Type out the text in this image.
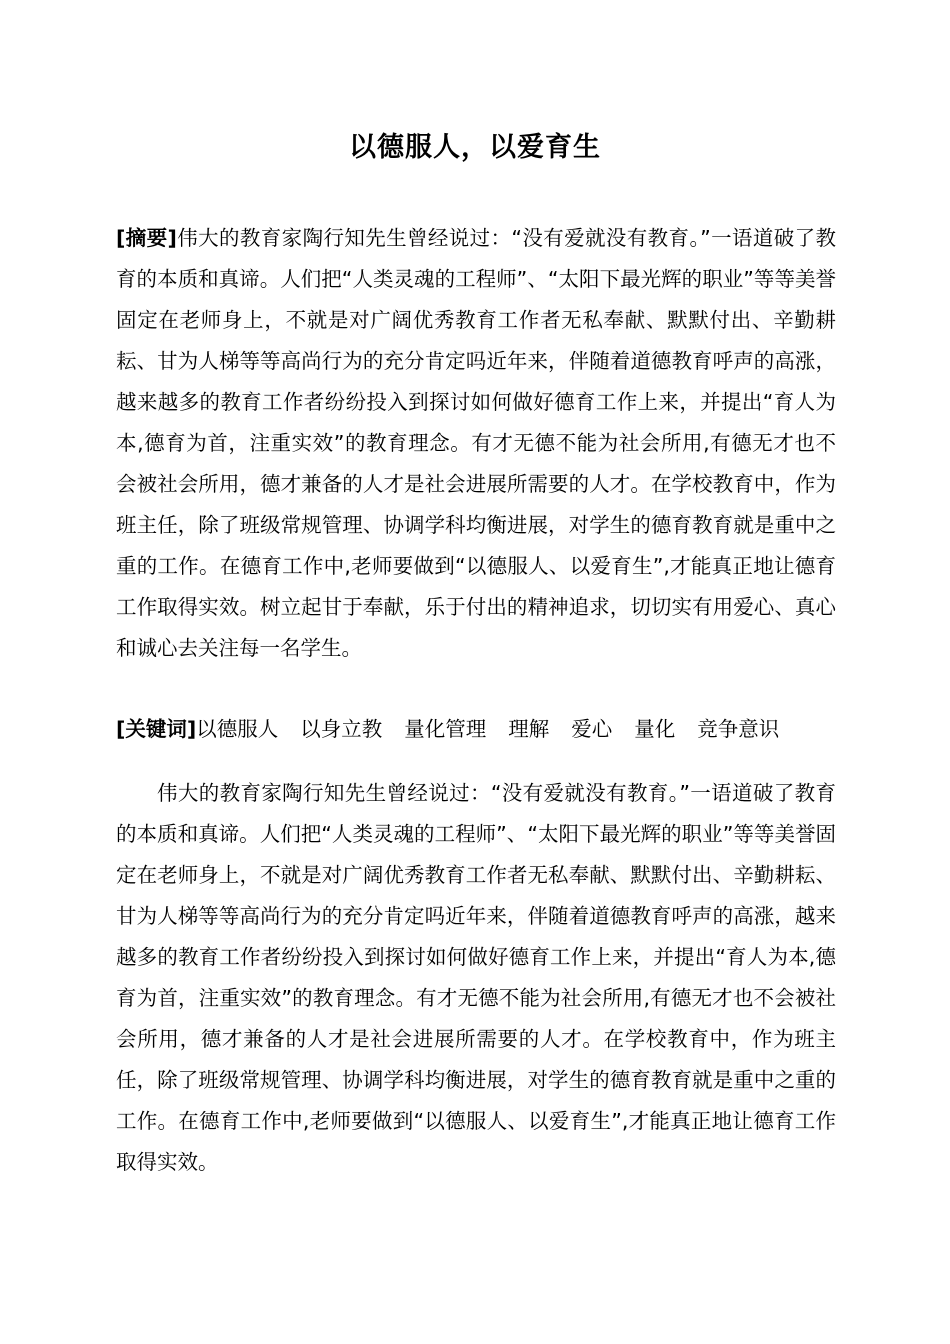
以德服人，以爱育生
[摘要]伟大的教育家陶行知先生曾经说过：“没有爱就没有教育。”一语道破了教育的本质和真谛。人们把“人类灵魂的工程师”、“太阳下最光辉的职业”等等美誉固定在老师身上，不就是对广阔优秀教育工作者无私奉献、默默付出、辛勤耕耘、甘为人梯等等高尚行为的充分肯定吗近年来，伴随着道德教育呼声的高涨，越来越多的教育工作者纷纷投入到探讨如何做好德育工作上来，并提出“育人为本,德育为首，注重实效”的教育理念。有才无德不能为社会所用,有德无才也不会被社会所用，德才兼备的人才是社会进展所需要的人才。在学校教育中，作为班主任，除了班级常规管理、协调学科均衡进展，对学生的德育教育就是重中之重的工作。在德育工作中,老师要做到“以德服人、以爱育生”,才能真正地让德育工作取得实效。树立起甘于奉献，乐于付出的精神追求，切切实有用爱心、真心和诚心去关注每一名学生。
[关键词]以德服人 以身立教 量化管理 理解 爱心 量化 竞争意识

伟大的教育家陶行知先生曾经说过：“没有爱就没有教育。”一语道破了教育的本质和真谛。人们把“人类灵魂的工程师”、“太阳下最光辉的职业”等等美誉固定在老师身上，不就是对广阔优秀教育工作者无私奉献、默默付出、辛勤耕耘、甘为人梯等等高尚行为的充分肯定吗近年来，伴随着道德教育呼声的高涨，越来越多的教育工作者纷纷投入到探讨如何做好德育工作上来，并提出“育人为本,德育为首，注重实效”的教育理念。有才无德不能为社会所用,有德无才也不会被社会所用，德才兼备的人才是社会进展所需要的人才。在学校教育中，作为班主任，除了班级常规管理、协调学科均衡进展，对学生的德育教育就是重中之重的工作。在德育工作中,老师要做到“以德服人、以爱育生”,才能真正地让德育工作取得实效。
